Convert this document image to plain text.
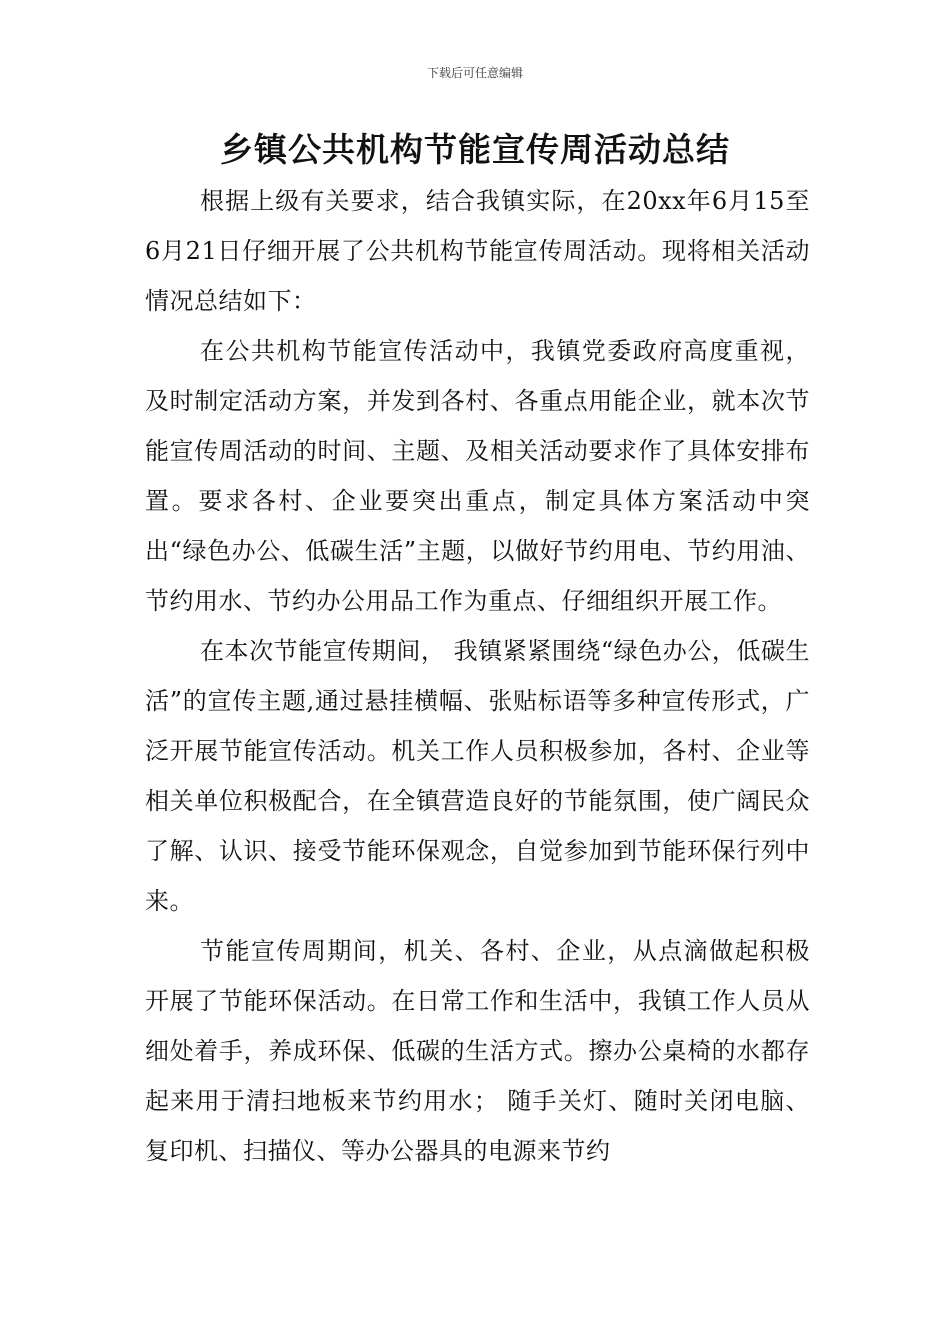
下载后可任意编辑
乡镇公共机构节能宣传周活动总结

根据上级有关要求，结合我镇实际，在20xx年6月15至6月21日仔细开展了公共机构节能宣传周活动。现将相关活动情况总结如下：

在公共机构节能宣传活动中，我镇党委政府高度重视，及时制定活动方案，并发到各村、各重点用能企业，就本次节能宣传周活动的时间、主题、及相关活动要求作了具体安排布置。要求各村、企业要突出重点，制定具体方案活动中突出“绿色办公、低碳生活”主题，以做好节约用电、节约用油、节约用水、节约办公用品工作为重点、仔细组织开展工作。

在本次节能宣传期间， 我镇紧紧围绕“绿色办公，低碳生活”的宣传主题,通过悬挂横幅、张贴标语等多种宣传形式，广泛开展节能宣传活动。机关工作人员积极参加，各村、企业等相关单位积极配合，在全镇营造良好的节能氛围，使广阔民众了解、认识、接受节能环保观念，自觉参加到节能环保行列中来。

节能宣传周期间，机关、各村、企业，从点滴做起积极开展了节能环保活动。在日常工作和生活中，我镇工作人员从细处着手，养成环保、低碳的生活方式。擦办公桌椅的水都存起来用于清扫地板来节约用水； 随手关灯、随时关闭电脑、复印机、扫描仪、等办公器具的电源来节约
